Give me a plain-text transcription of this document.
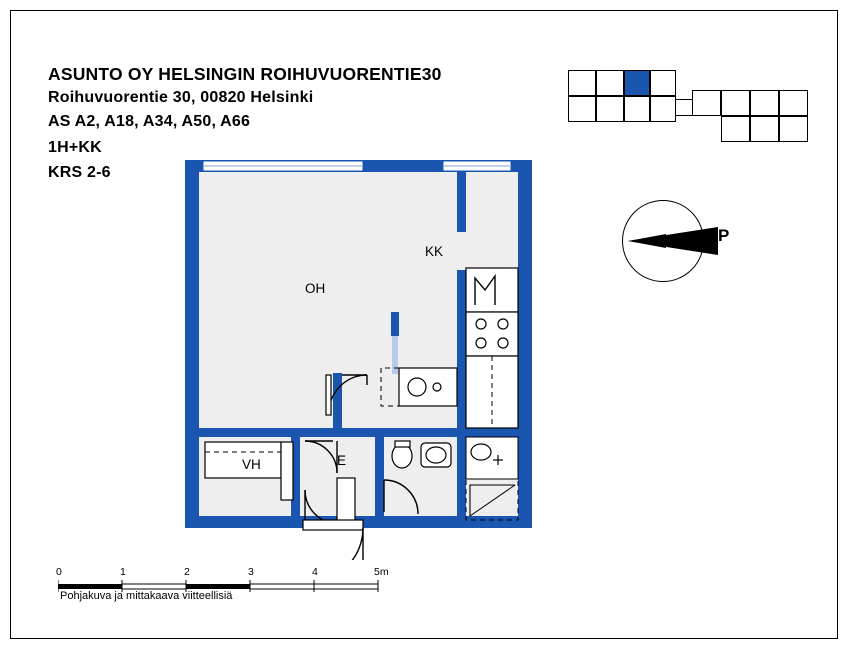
ASUNTO OY HELSINGIN ROIHUVUORENTIE30
Roihuvuorentie 30, 00820 Helsinki
AS A2, A18, A34, A50, A66
1H+KK
KRS 2-6
P
OH
KK
VH	E
0	1	2	3	4	5m
Pohjakuva ja mittakaava viitteellisiä
